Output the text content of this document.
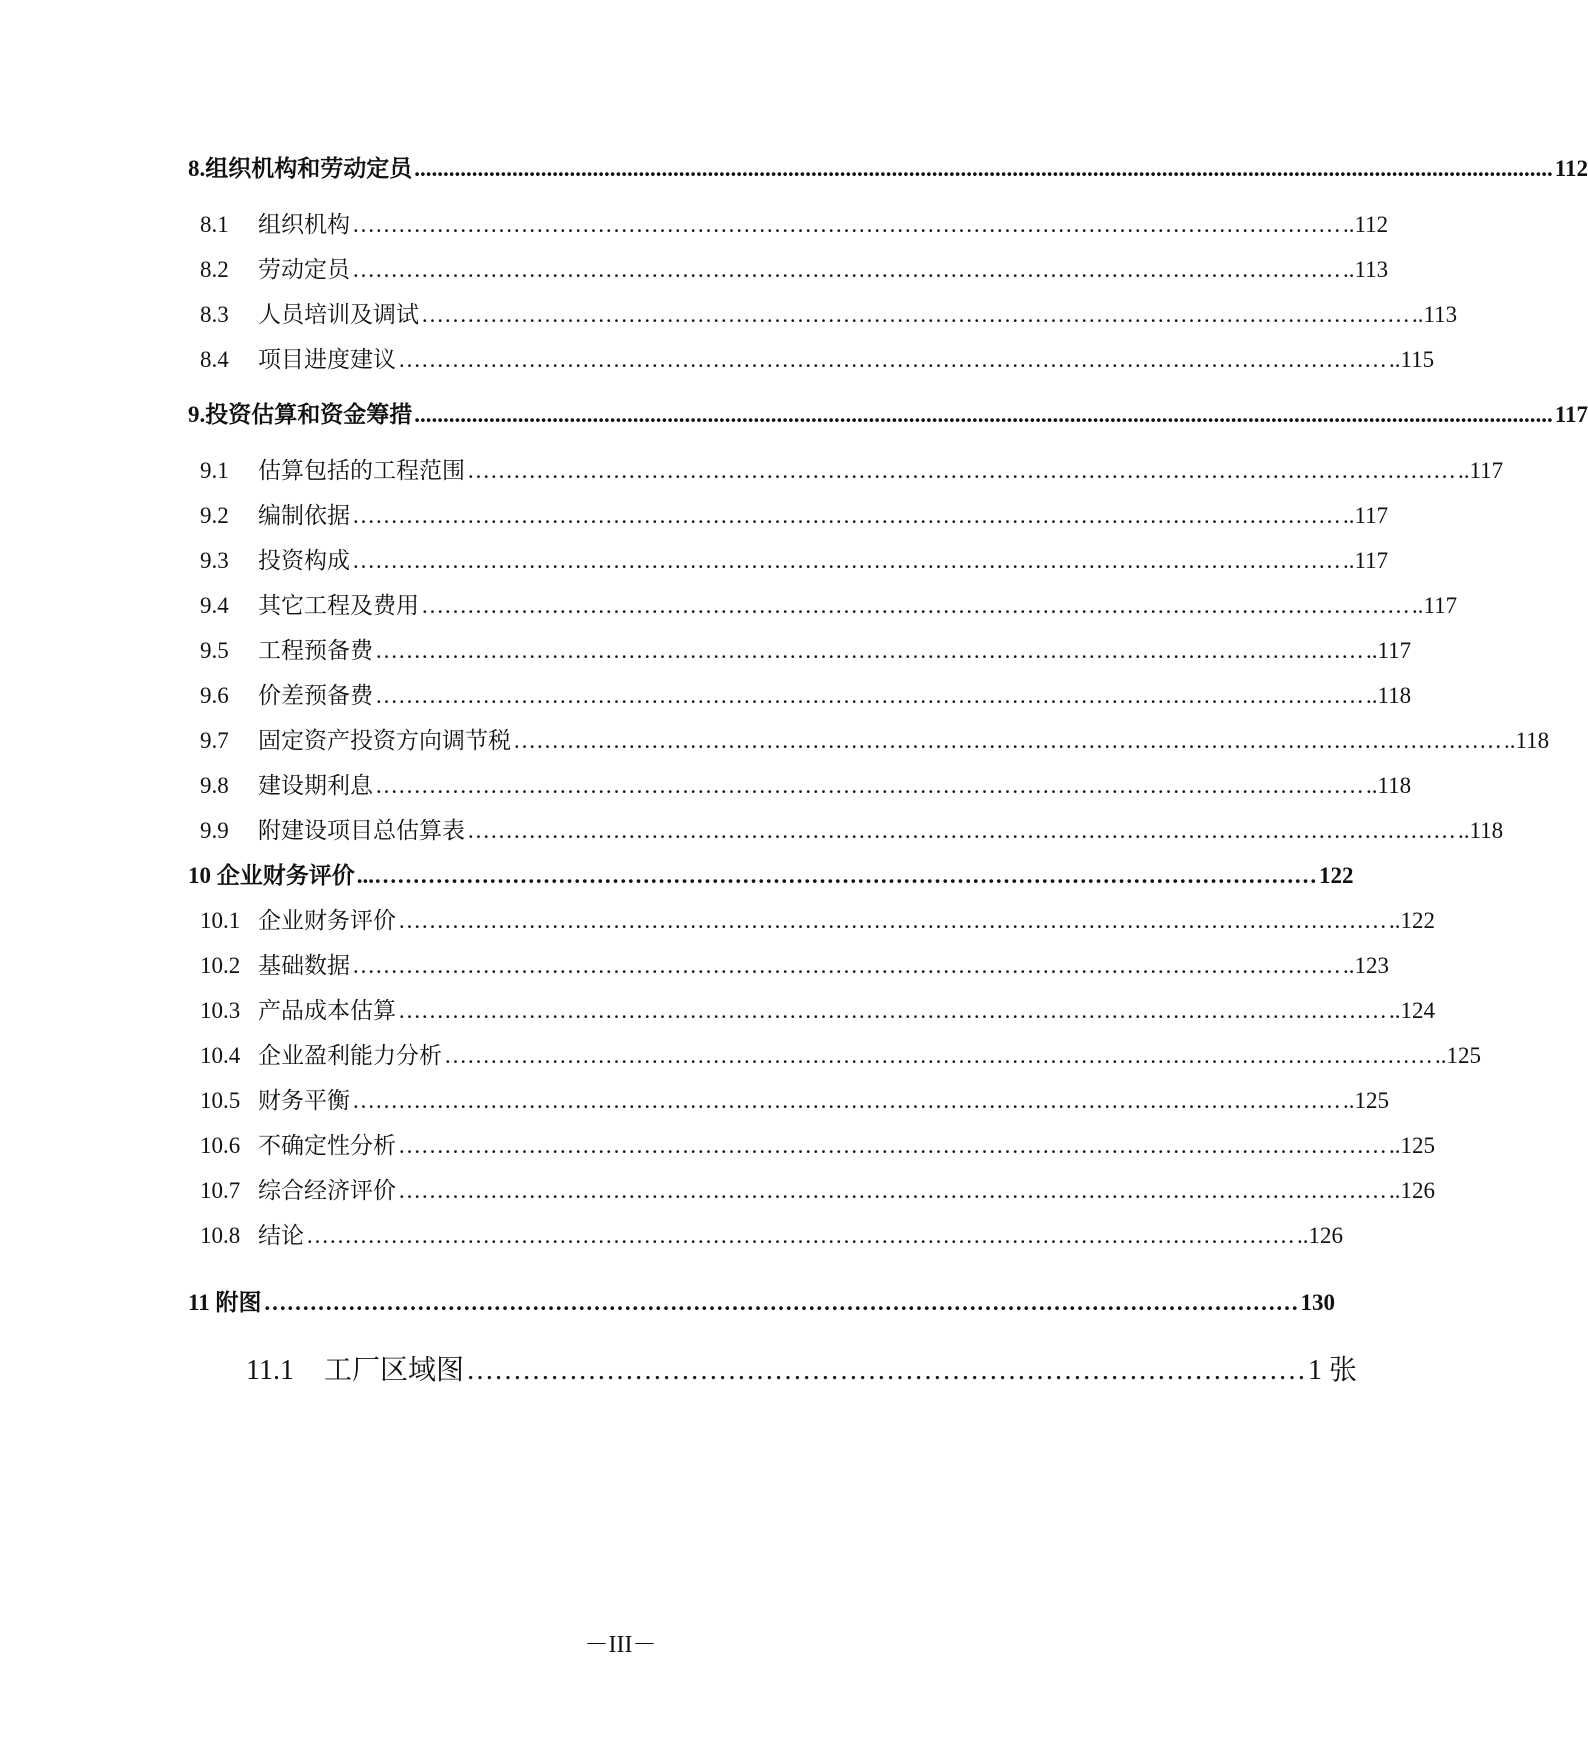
8.组织机构和劳动定员 ...................................................................................................................................................................................................... 112
8.1	组织机构 ………………………………………………………………………………………………………………… ..112
8.2	劳动定员 ………………………………………………………………………………………………………………… ..113
8.3	人员培训及调试 ………………………………………………………………………………………………………………… ..113
8.4	项目进度建议 ………………………………………………………………………………………………………………… ..115
9.投资估算和资金筹措 ...................................................................................................................................................................................................... 117
9.1	估算包括的工程范围 ………………………………………………………………………………………………………………… ..117
9.2	编制依据 ………………………………………………………………………………………………………………… ..117
9.3	投资构成 ………………………………………………………………………………………………………………… ..117
9.4	其它工程及费用 ………………………………………………………………………………………………………………… ..117
9.5	工程预备费 ………………………………………………………………………………………………………………… ..117
9.6	价差预备费 ………………………………………………………………………………………………………………… ..118
9.7	固定资产投资方向调节税 ………………………………………………………………………………………………………………… ..118
9.8	建设期利息 ………………………………………………………………………………………………………………… ..118
9.9	附建设项目总估算表 ………………………………………………………………………………………………………………… ..118
10 企业财务评价 ...…………………………………………………………………………………………………………… 122
10.1 企业财务评价 ………………………………………………………………………………………………………………… ..122
10.2 基础数据 ………………………………………………………………………………………………………………… ..123
10.3 产品成本估算 ………………………………………………………………………………………………………………… ..124
10.4 企业盈利能力分析 ………………………………………………………………………………………………………………… ..125
10.5 财务平衡 ………………………………………………………………………………………………………………… ..125
10.6 不确定性分析 ………………………………………………………………………………………………………………… ..125
10.7 综合经济评价 ………………………………………………………………………………………………………………… ..126
10.8 结论 ………………………………………………………………………………………………………………… ..126
11 附图 ……………………………………………………………………………………………………………………… 130
11.1	工厂区域图 ……………………………………………………………………………… 1 张
－III－
